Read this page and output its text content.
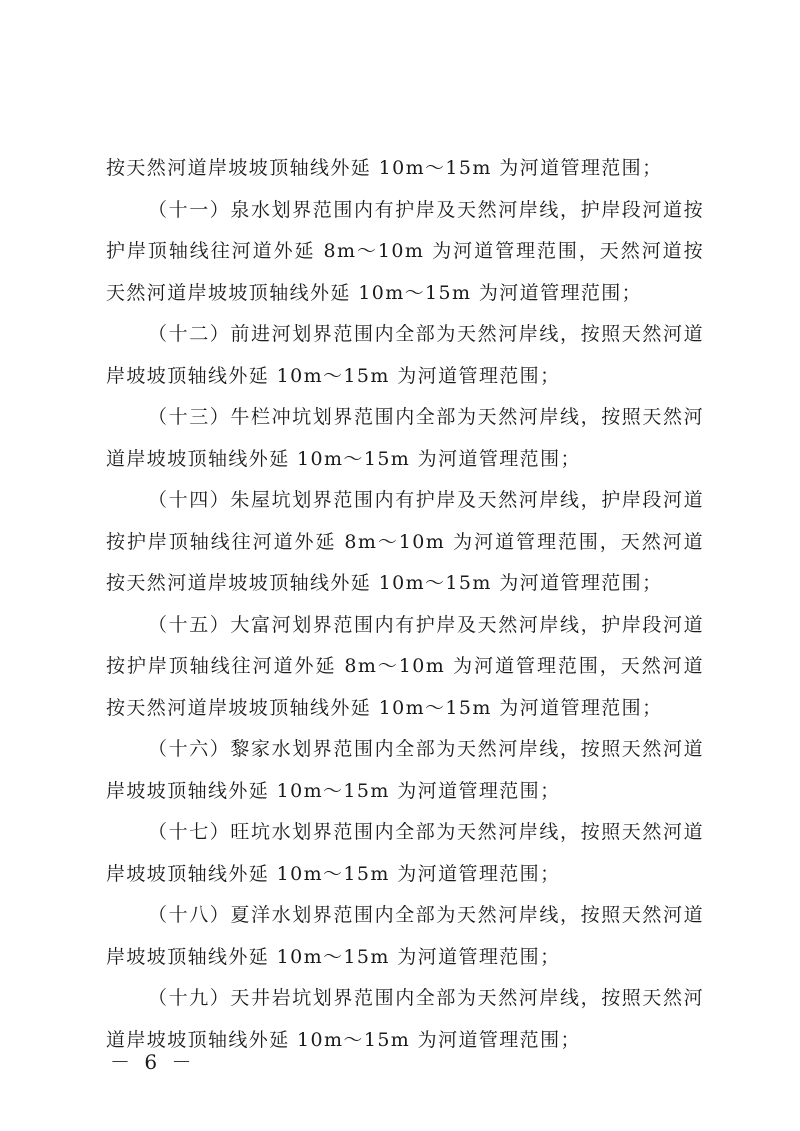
按天然河道岸坡坡顶轴线外延 10m～15m 为河道管理范围；

（十一）泉水划界范围内有护岸及天然河岸线，护岸段河道按护岸顶轴线往河道外延 8m～10m 为河道管理范围，天然河道按天然河道岸坡坡顶轴线外延 10m～15m 为河道管理范围；

（十二）前进河划界范围内全部为天然河岸线，按照天然河道岸坡坡顶轴线外延 10m～15m 为河道管理范围；

（十三）牛栏冲坑划界范围内全部为天然河岸线，按照天然河道岸坡坡顶轴线外延 10m～15m 为河道管理范围；

（十四）朱屋坑划界范围内有护岸及天然河岸线，护岸段河道按护岸顶轴线往河道外延 8m～10m 为河道管理范围，天然河道按天然河道岸坡坡顶轴线外延 10m～15m 为河道管理范围；

（十五）大富河划界范围内有护岸及天然河岸线，护岸段河道按护岸顶轴线往河道外延 8m～10m 为河道管理范围，天然河道按天然河道岸坡坡顶轴线外延 10m～15m 为河道管理范围；

（十六）黎家水划界范围内全部为天然河岸线，按照天然河道岸坡坡顶轴线外延 10m～15m 为河道管理范围；

（十七）旺坑水划界范围内全部为天然河岸线，按照天然河道岸坡坡顶轴线外延 10m～15m 为河道管理范围；

（十八）夏洋水划界范围内全部为天然河岸线，按照天然河道岸坡坡顶轴线外延 10m～15m 为河道管理范围；

（十九）天井岩坑划界范围内全部为天然河岸线，按照天然河道岸坡坡顶轴线外延 10m～15m 为河道管理范围；

－ 6 －
